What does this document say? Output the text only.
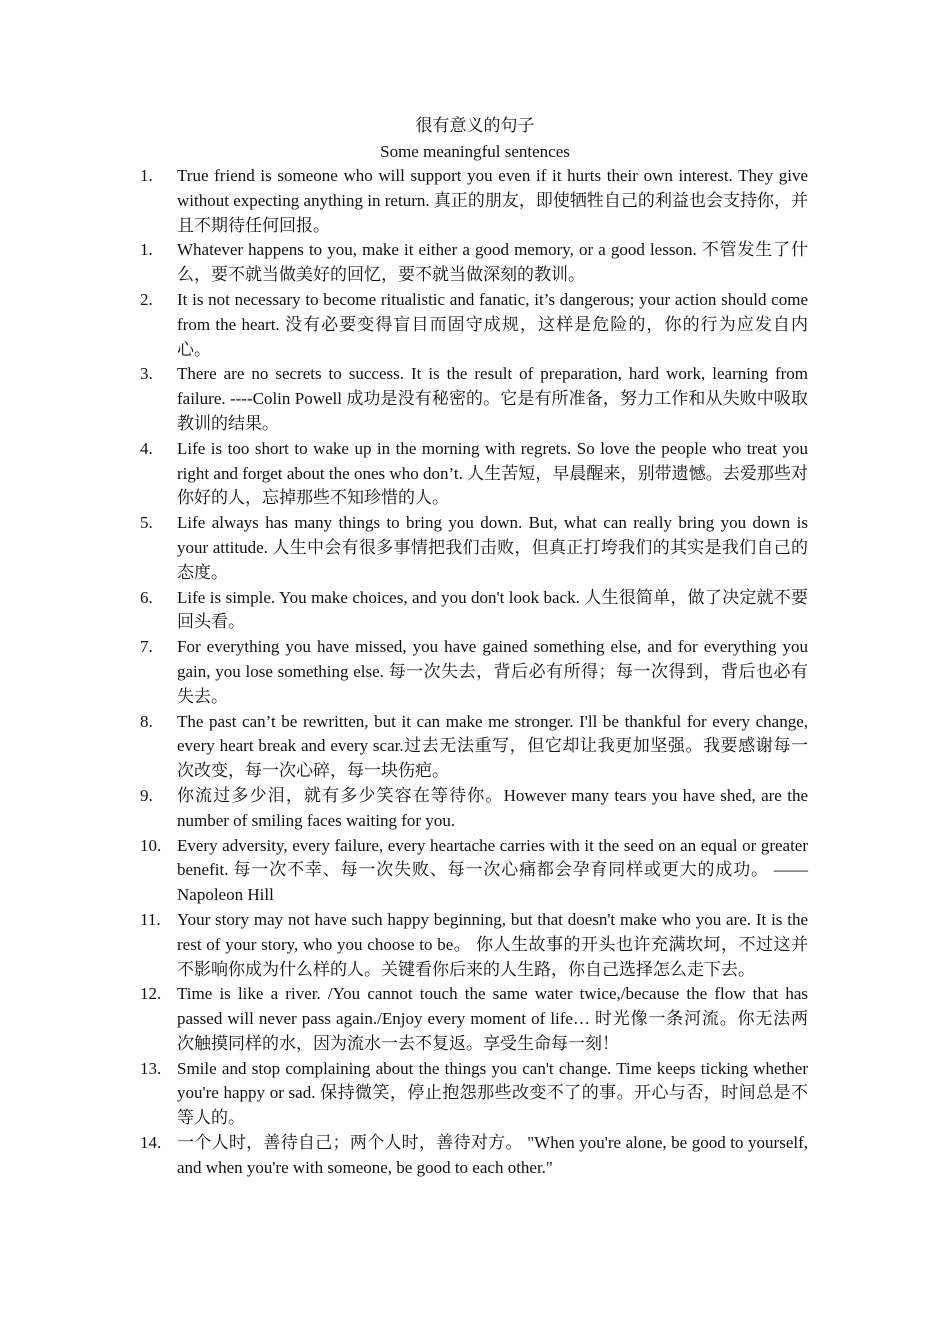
很有意义的句子
Some meaningful sentences
1.	True friend is someone who will support you even if it hurts their own interest. They give without expecting anything in return. 真正的朋友，即使牺牲自己的利益也会支持你，并且不期待任何回报。
1.	Whatever happens to you, make it either a good memory, or a good lesson. 不管发生了什么，要不就当做美好的回忆，要不就当做深刻的教训。
2.	It is not necessary to become ritualistic and fanatic, it’s dangerous; your action should come from the heart. 没有必要变得盲目而固守成规，这样是危险的，你的行为应发自内心。
3.	There are no secrets to success. It is the result of preparation, hard work, learning from failure. ----Colin Powell 成功是没有秘密的。它是有所准备，努力工作和从失败中吸取教训的结果。
4.	Life is too short to wake up in the morning with regrets. So love the people who treat you right and forget about the ones who don’t. 人生苦短，早晨醒来，别带遗憾。去爱那些对你好的人，忘掉那些不知珍惜的人。
5.	Life always has many things to bring you down. But, what can really bring you down is your attitude. 人生中会有很多事情把我们击败，但真正打垮我们的其实是我们自己的态度。
6.	Life is simple. You make choices, and you don't look back. 人生很简单，做了决定就不要回头看。
7.	For everything you have missed, you have gained something else, and for everything you gain, you lose something else. 每一次失去，背后必有所得；每一次得到，背后也必有失去。
8.	The past can’t be rewritten, but it can make me stronger. I'll be thankful for every change, every heart break and every scar.过去无法重写，但它却让我更加坚强。我要感谢每一次改变，每一次心碎，每一块伤疤。
9.	你流过多少泪，就有多少笑容在等待你。However many tears you have shed, are the number of smiling faces waiting for you.
10. Every adversity, every failure, every heartache carries with it the seed on an equal or greater benefit. 每一次不幸、每一次失败、每一次心痛都会孕育同样或更大的成功。 ——Napoleon Hill
11. Your story may not have such happy beginning, but that doesn't make who you are. It is the rest of your story, who you choose to be。 你人生故事的开头也许充满坎坷，不过这并不影响你成为什么样的人。关键看你后来的人生路，你自己选择怎么走下去。
12. Time is like a river. /You cannot touch the same water twice,/because the flow that has passed will never pass again./Enjoy every moment of life… 时光像一条河流。你无法两次触摸同样的水，因为流水一去不复返。享受生命每一刻！
13. Smile and stop complaining about the things you can't change. Time keeps ticking whether you're happy or sad. 保持微笑，停止抱怨那些改变不了的事。开心与否，时间总是不等人的。
14. 一个人时，善待自己；两个人时，善待对方。 "When you're alone, be good to yourself, and when you're with someone, be good to each other."
